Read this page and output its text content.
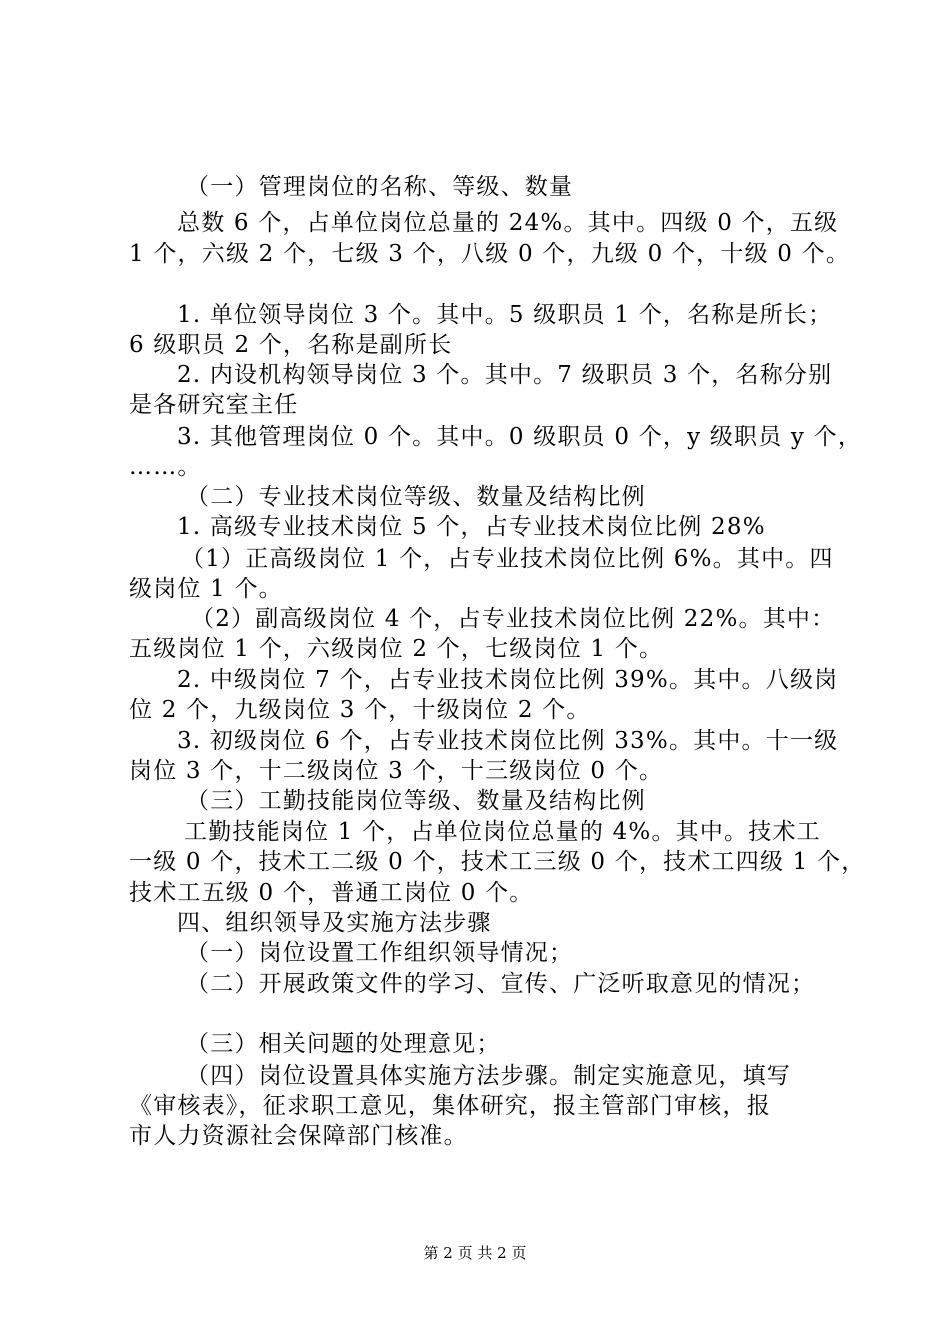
（一）管理岗位的名称、等级、数量
总数 6 个，占单位岗位总量的 24%。其中。四级 0 个，五级
1 个，六级 2 个，七级 3 个，八级 0 个，九级 0 个，十级 0 个。
1. 单位领导岗位 3 个。其中。5 级职员 1 个，名称是所长；
6 级职员 2 个，名称是副所长
2. 内设机构领导岗位 3 个。其中。7 级职员 3 个，名称分别
是各研究室主任
3. 其他管理岗位 0 个。其中。0 级职员 0 个，y 级职员 y 个，
……。
（二）专业技术岗位等级、数量及结构比例
1. 高级专业技术岗位 5 个，占专业技术岗位比例 28%
（1）正高级岗位 1 个，占专业技术岗位比例 6%。其中。四
级岗位 1 个。
（2）副高级岗位 4 个，占专业技术岗位比例 22%。其中：
五级岗位 1 个，六级岗位 2 个，七级岗位 1 个。
2. 中级岗位 7 个，占专业技术岗位比例 39%。其中。八级岗
位 2 个，九级岗位 3 个，十级岗位 2 个。
3. 初级岗位 6 个，占专业技术岗位比例 33%。其中。十一级
岗位 3 个，十二级岗位 3 个，十三级岗位 0 个。
（三）工勤技能岗位等级、数量及结构比例
工勤技能岗位 1 个，占单位岗位总量的 4%。其中。技术工
一级 0 个，技术工二级 0 个，技术工三级 0 个，技术工四级 1 个，
技术工五级 0 个，普通工岗位 0 个。
四、组织领导及实施方法步骤
（一）岗位设置工作组织领导情况；
（二）开展政策文件的学习、宣传、广泛听取意见的情况；
（三）相关问题的处理意见；
（四）岗位设置具体实施方法步骤。制定实施意见，填写
《审核表》，征求职工意见，集体研究，报主管部门审核，报
市人力资源社会保障部门核准。
第 2 页 共 2 页
